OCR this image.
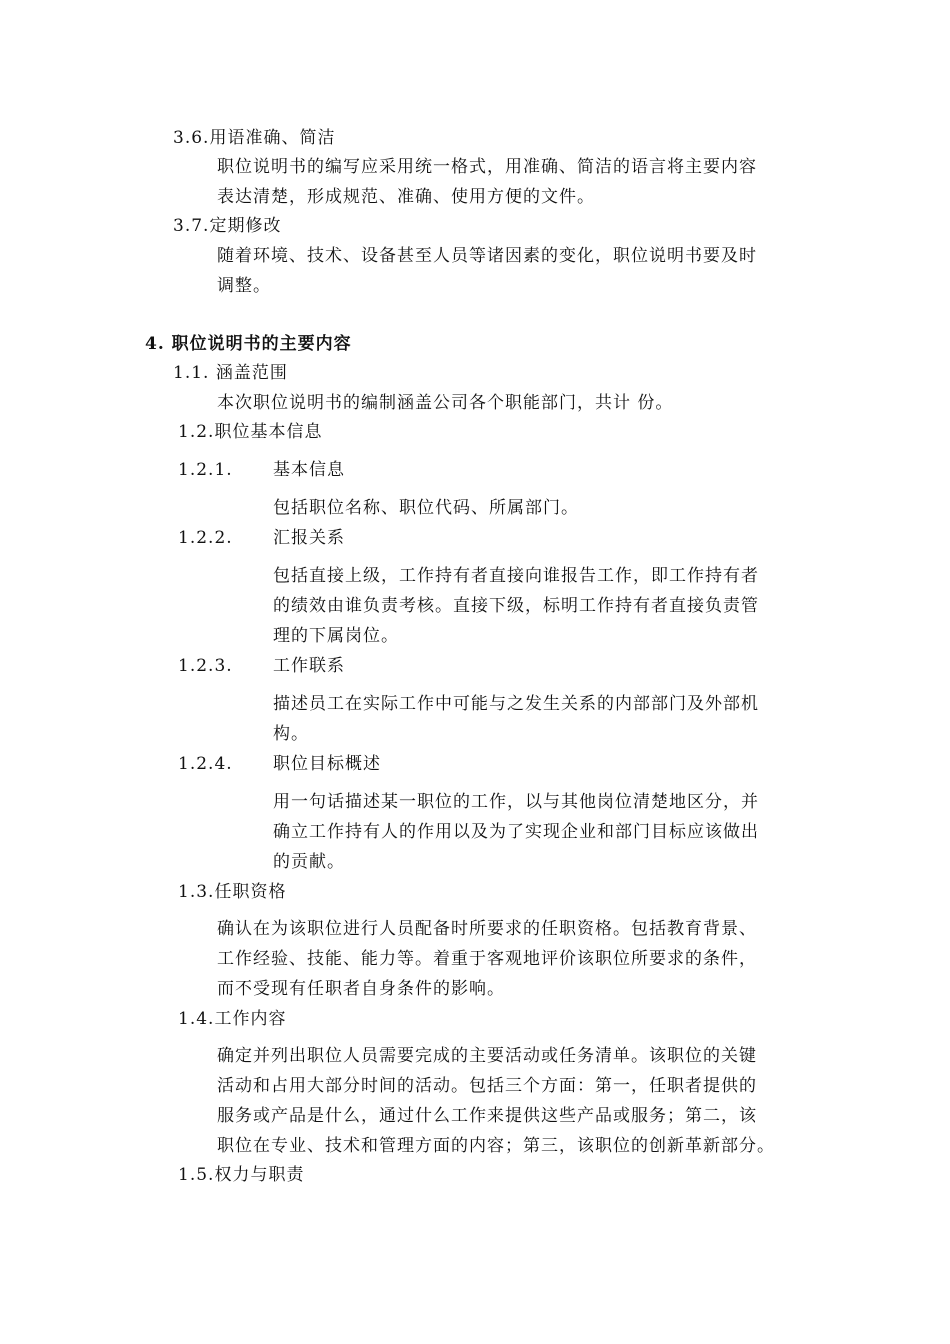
3.6.用语准确、简洁
职位说明书的编写应采用统一格式，用准确、简洁的语言将主要内容
表达清楚，形成规范、准确、使用方便的文件。
3.7.定期修改
随着环境、技术、设备甚至人员等诸因素的变化，职位说明书要及时
调整。
4. 职位说明书的主要内容
1.1. 涵盖范围
本次职位说明书的编制涵盖公司各个职能部门，共计 份。
1.2.职位基本信息
1.2.1. 基本信息
包括职位名称、职位代码、所属部门。
1.2.2. 汇报关系
包括直接上级，工作持有者直接向谁报告工作，即工作持有者
的绩效由谁负责考核。直接下级，标明工作持有者直接负责管
理的下属岗位。
1.2.3. 工作联系
描述员工在实际工作中可能与之发生关系的内部部门及外部机
构。
1.2.4. 职位目标概述
用一句话描述某一职位的工作，以与其他岗位清楚地区分，并
确立工作持有人的作用以及为了实现企业和部门目标应该做出
的贡献。
1.3.任职资格
确认在为该职位进行人员配备时所要求的任职资格。包括教育背景、
工作经验、技能、能力等。着重于客观地评价该职位所要求的条件，
而不受现有任职者自身条件的影响。
1.4.工作内容
确定并列出职位人员需要完成的主要活动或任务清单。该职位的关键
活动和占用大部分时间的活动。包括三个方面：第一，任职者提供的
服务或产品是什么，通过什么工作来提供这些产品或服务；第二，该
职位在专业、技术和管理方面的内容；第三，该职位的创新革新部分。
1.5.权力与职责
